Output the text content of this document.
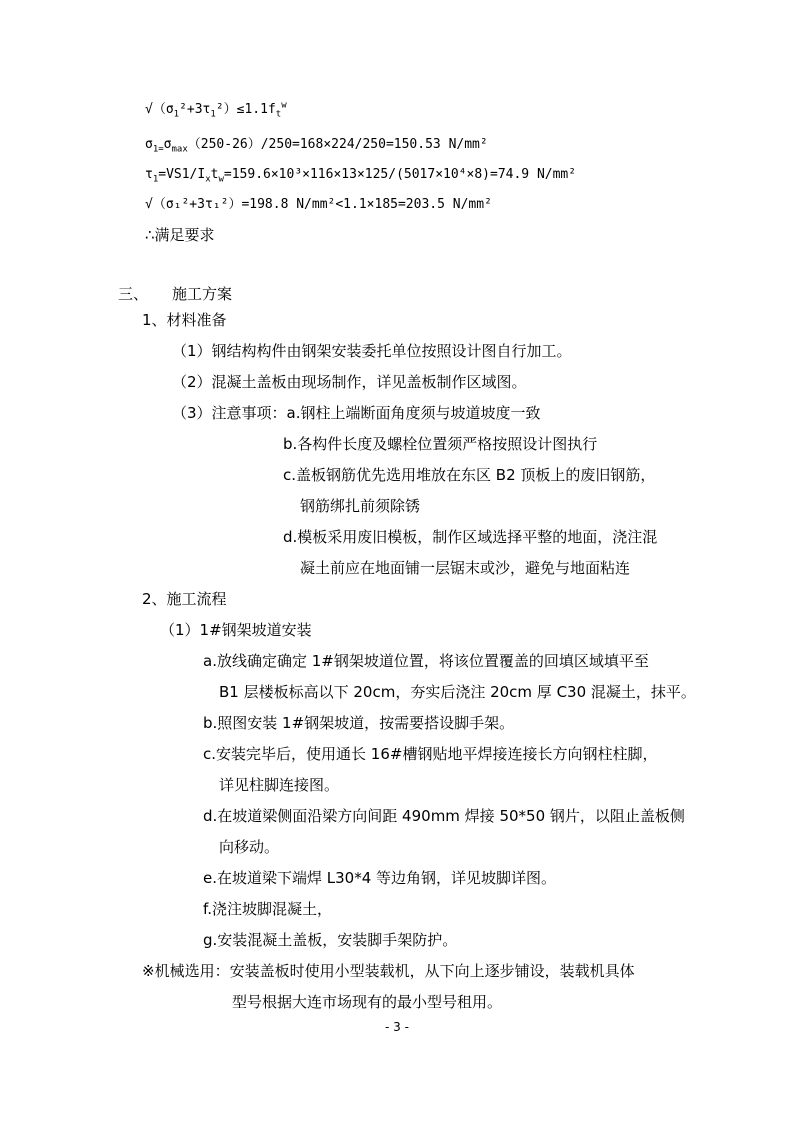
$√(\sigma_1^2+3\tau_1^2)\le 1.1f_t^w$
$\sigma_{1=}\sigma_{max}(250-26)/250=168\times 224/250=150.53$ N/mm²
$\tau_1=VS1/I_xt_w=159.6\times 10^3\times 116\times 13\times 125/(5017\times 10^4\times 8)=74.9$ N/mm²
√（σ₁²+3τ₁²）=198.8 N/mm²<1.1×185=203.5 N/mm²
∴满足要求
三、 施工方案
1、材料准备
（1）钢结构构件由钢架安装委托单位按照设计图自行加工。
（2）混凝土盖板由现场制作，详见盖板制作区域图。
（3）注意事项：a.钢柱上端断面角度须与坡道坡度一致
b.各构件长度及螺栓位置须严格按照设计图执行
c.盖板钢筋优先选用堆放在东区 B2 顶板上的废旧钢筋，
钢筋绑扎前须除锈
d.模板采用废旧模板，制作区域选择平整的地面，浇注混
凝土前应在地面铺一层锯末或沙，避免与地面粘连
2、施工流程
（1）1#钢架坡道安装
a.放线确定确定 1#钢架坡道位置，将该位置覆盖的回填区域填平至
B1 层楼板标高以下 20cm，夯实后浇注 20cm 厚 C30 混凝土，抹平。
b.照图安装 1#钢架坡道，按需要搭设脚手架。
c.安装完毕后，使用通长 16#槽钢贴地平焊接连接长方向钢柱柱脚，
详见柱脚连接图。
d.在坡道梁侧面沿梁方向间距 490mm 焊接 50*50 钢片，以阻止盖板侧
向移动。
e.在坡道梁下端焊 L30*4 等边角钢，详见坡脚详图。
f.浇注坡脚混凝土，
g.安装混凝土盖板，安装脚手架防护。
※机械选用：安装盖板时使用小型装载机，从下向上逐步铺设，装载机具体
型号根据大连市场现有的最小型号租用。
- 3 -
